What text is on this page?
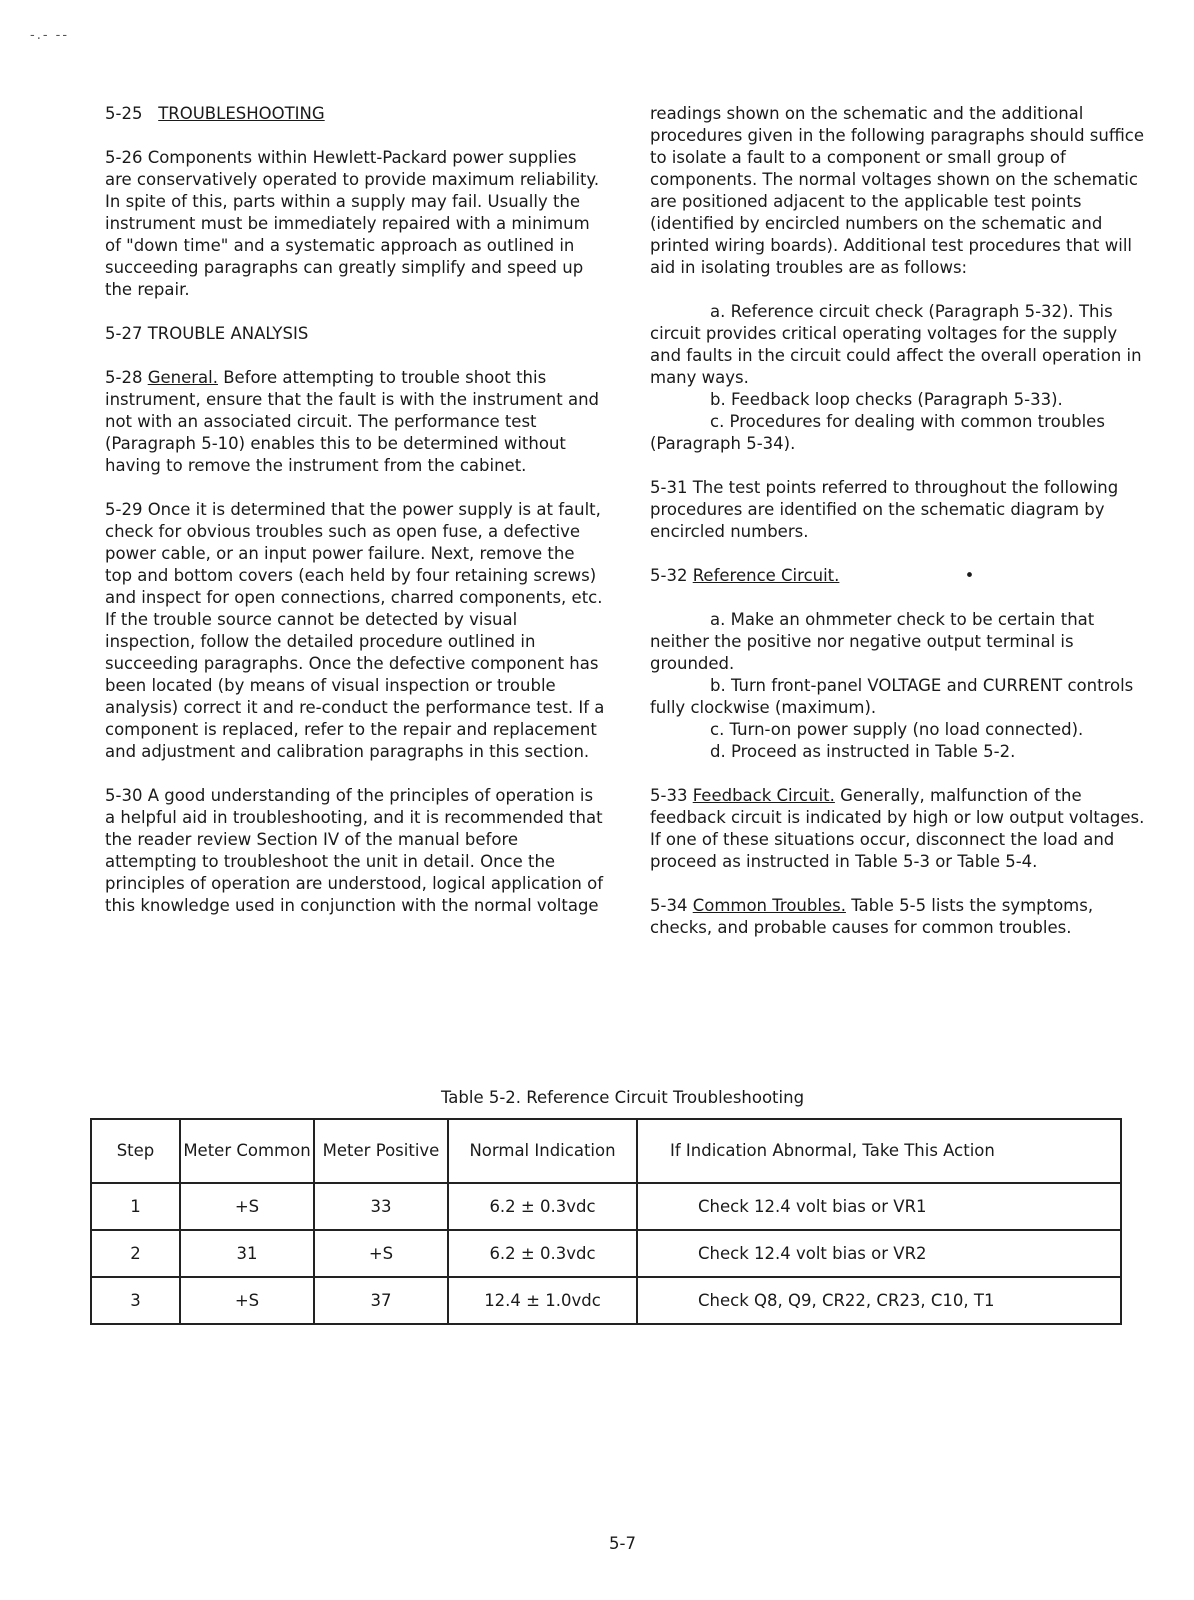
-.- --

5-25 TROUBLESHOOTING

5-26 Components within Hewlett-Packard power supplies are conservatively operated to provide maximum reliability. In spite of this, parts within a supply may fail. Usually the instrument must be immediately repaired with a minimum of "down time" and a systematic approach as outlined in succeeding paragraphs can greatly simplify and speed up the repair.

5-27 TROUBLE ANALYSIS

5-28 General. Before attempting to trouble shoot this instrument, ensure that the fault is with the instrument and not with an associated circuit. The performance test (Paragraph 5-10) enables this to be determined without having to remove the instrument from the cabinet.

5-29 Once it is determined that the power supply is at fault, check for obvious troubles such as open fuse, a defective power cable, or an input power failure. Next, remove the top and bottom covers (each held by four retaining screws) and inspect for open connections, charred components, etc. If the trouble source cannot be detected by visual inspection, follow the detailed procedure outlined in succeeding paragraphs. Once the defective component has been located (by means of visual inspection or trouble analysis) correct it and re-conduct the performance test. If a component is replaced, refer to the repair and replacement and adjustment and calibration paragraphs in this section.

5-30 A good understanding of the principles of operation is a helpful aid in troubleshooting, and it is recommended that the reader review Section IV of the manual before attempting to troubleshoot the unit in detail. Once the principles of operation are understood, logical application of this knowledge used in conjunction with the normal voltage

readings shown on the schematic and the additional procedures given in the following paragraphs should suffice to isolate a fault to a component or small group of components. The normal voltages shown on the schematic are positioned adjacent to the applicable test points (identified by encircled numbers on the schematic and printed wiring boards). Additional test procedures that will aid in isolating troubles are as follows:

a. Reference circuit check (Paragraph 5-32). This circuit provides critical operating voltages for the supply and faults in the circuit could affect the overall operation in many ways.

b. Feedback loop checks (Paragraph 5-33).

c. Procedures for dealing with common troubles (Paragraph 5-34).

5-31 The test points referred to throughout the following procedures are identified on the schematic diagram by encircled numbers.

5-32 Reference Circuit.	•

a. Make an ohmmeter check to be certain that neither the positive nor negative output terminal is grounded.

b. Turn front-panel VOLTAGE and CURRENT controls fully clockwise (maximum).

c. Turn-on power supply (no load connected).

d. Proceed as instructed in Table 5-2.

5-33 Feedback Circuit. Generally, malfunction of the feedback circuit is indicated by high or low output voltages. If one of these situations occur, disconnect the load and proceed as instructed in Table 5-3 or Table 5-4.

5-34 Common Troubles. Table 5-5 lists the symptoms, checks, and probable causes for common troubles.

Table 5-2. Reference Circuit Troubleshooting
Step	Meter Common	Meter Positive	Normal Indication	If Indication Abnormal, Take This Action
1	+S	33	6.2 ± 0.3vdc	Check 12.4 volt bias or VR1
2	31	+S	6.2 ± 0.3vdc	Check 12.4 volt bias or VR2
3	+S	37	12.4 ± 1.0vdc	Check Q8, Q9, CR22, CR23, C10, T1
5-7
